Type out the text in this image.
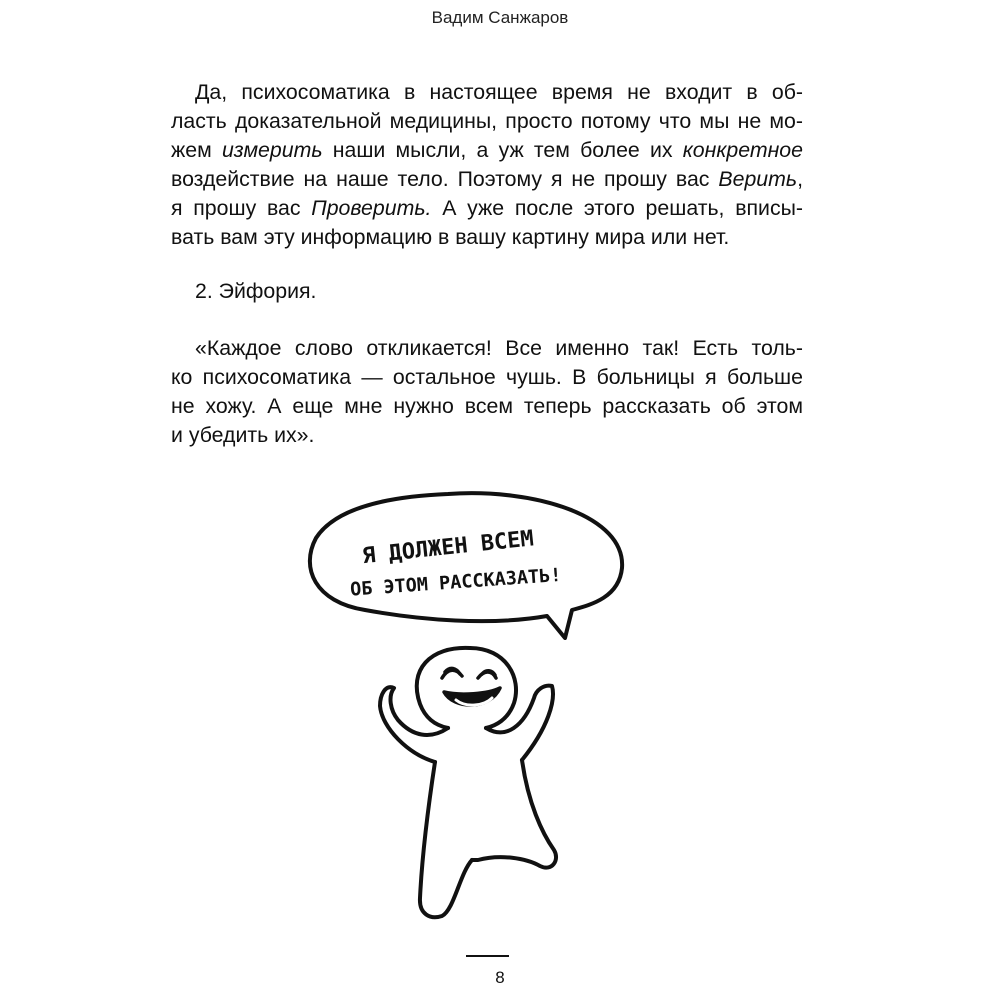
Вадим Санжаров
Да, психосоматика в настоящее время не входит в об-
ласть доказательной медицины, просто потому что мы не мо-
жем измерить наши мысли, а уж тем более их конкретное
воздействие на наше тело. Поэтому я не прошу вас Верить,
я прошу вас Проверить. А уже после этого решать, вписы-
вать вам эту информацию в вашу картину мира или нет.
2. Эйфория.
«Каждое слово откликается! Все именно так! Есть толь-
ко психосоматика — остальное чушь. В больницы я больше
не хожу. А еще мне нужно всем теперь рассказать об этом
и убедить их».
Я ДОЛЖЕН ВСЕМ
ОБ ЭТОМ РАССКАЗАТЬ!
8
